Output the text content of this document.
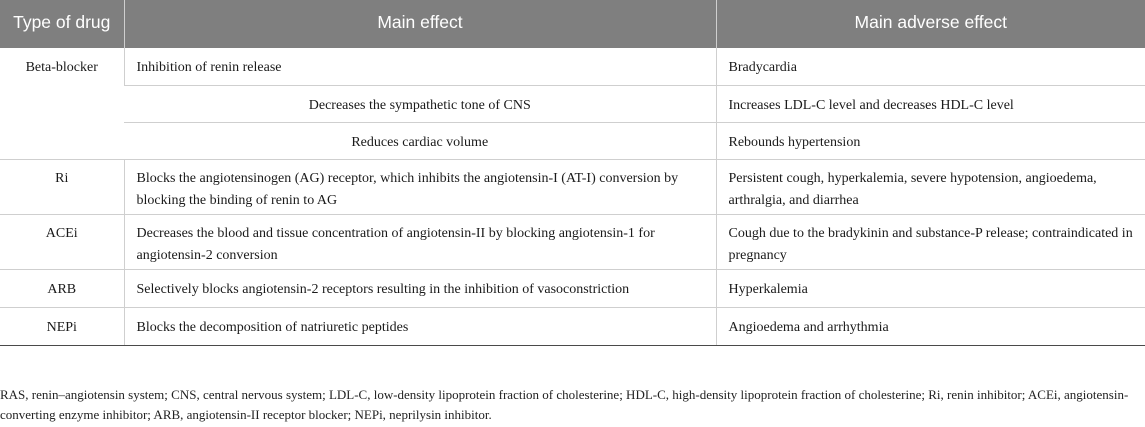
Type of drug	Main effect	Main adverse effect
Beta-blocker	Inhibition of renin release	Bradycardia
	Decreases the sympathetic tone of CNS	Increases LDL-C level and decreases HDL-C level
	Reduces cardiac volume	Rebounds hypertension
Ri	Blocks the angiotensinogen (AG) receptor, which inhibits the angiotensin-I (AT-I) conversion by blocking the binding of renin to AG	Persistent cough, hyperkalemia, severe hypotension, angioedema, arthralgia, and diarrhea
ACEi	Decreases the blood and tissue concentration of angiotensin-II by blocking angiotensin-1 for angiotensin-2 conversion	Cough due to the bradykinin and substance-P release; contraindicated in pregnancy
ARB	Selectively blocks angiotensin-2 receptors resulting in the inhibition of vasoconstriction	Hyperkalemia
NEPi	Blocks the decomposition of natriuretic peptides	Angioedema and arrhythmia
RAS, renin–angiotensin system; CNS, central nervous system; LDL-C, low-density lipoprotein fraction of cholesterine; HDL-C, high-density lipoprotein fraction of cholesterine; Ri, renin inhibitor; ACEi, angiotensin-converting enzyme inhibitor; ARB, angiotensin-II receptor blocker; NEPi, neprilysin inhibitor.
